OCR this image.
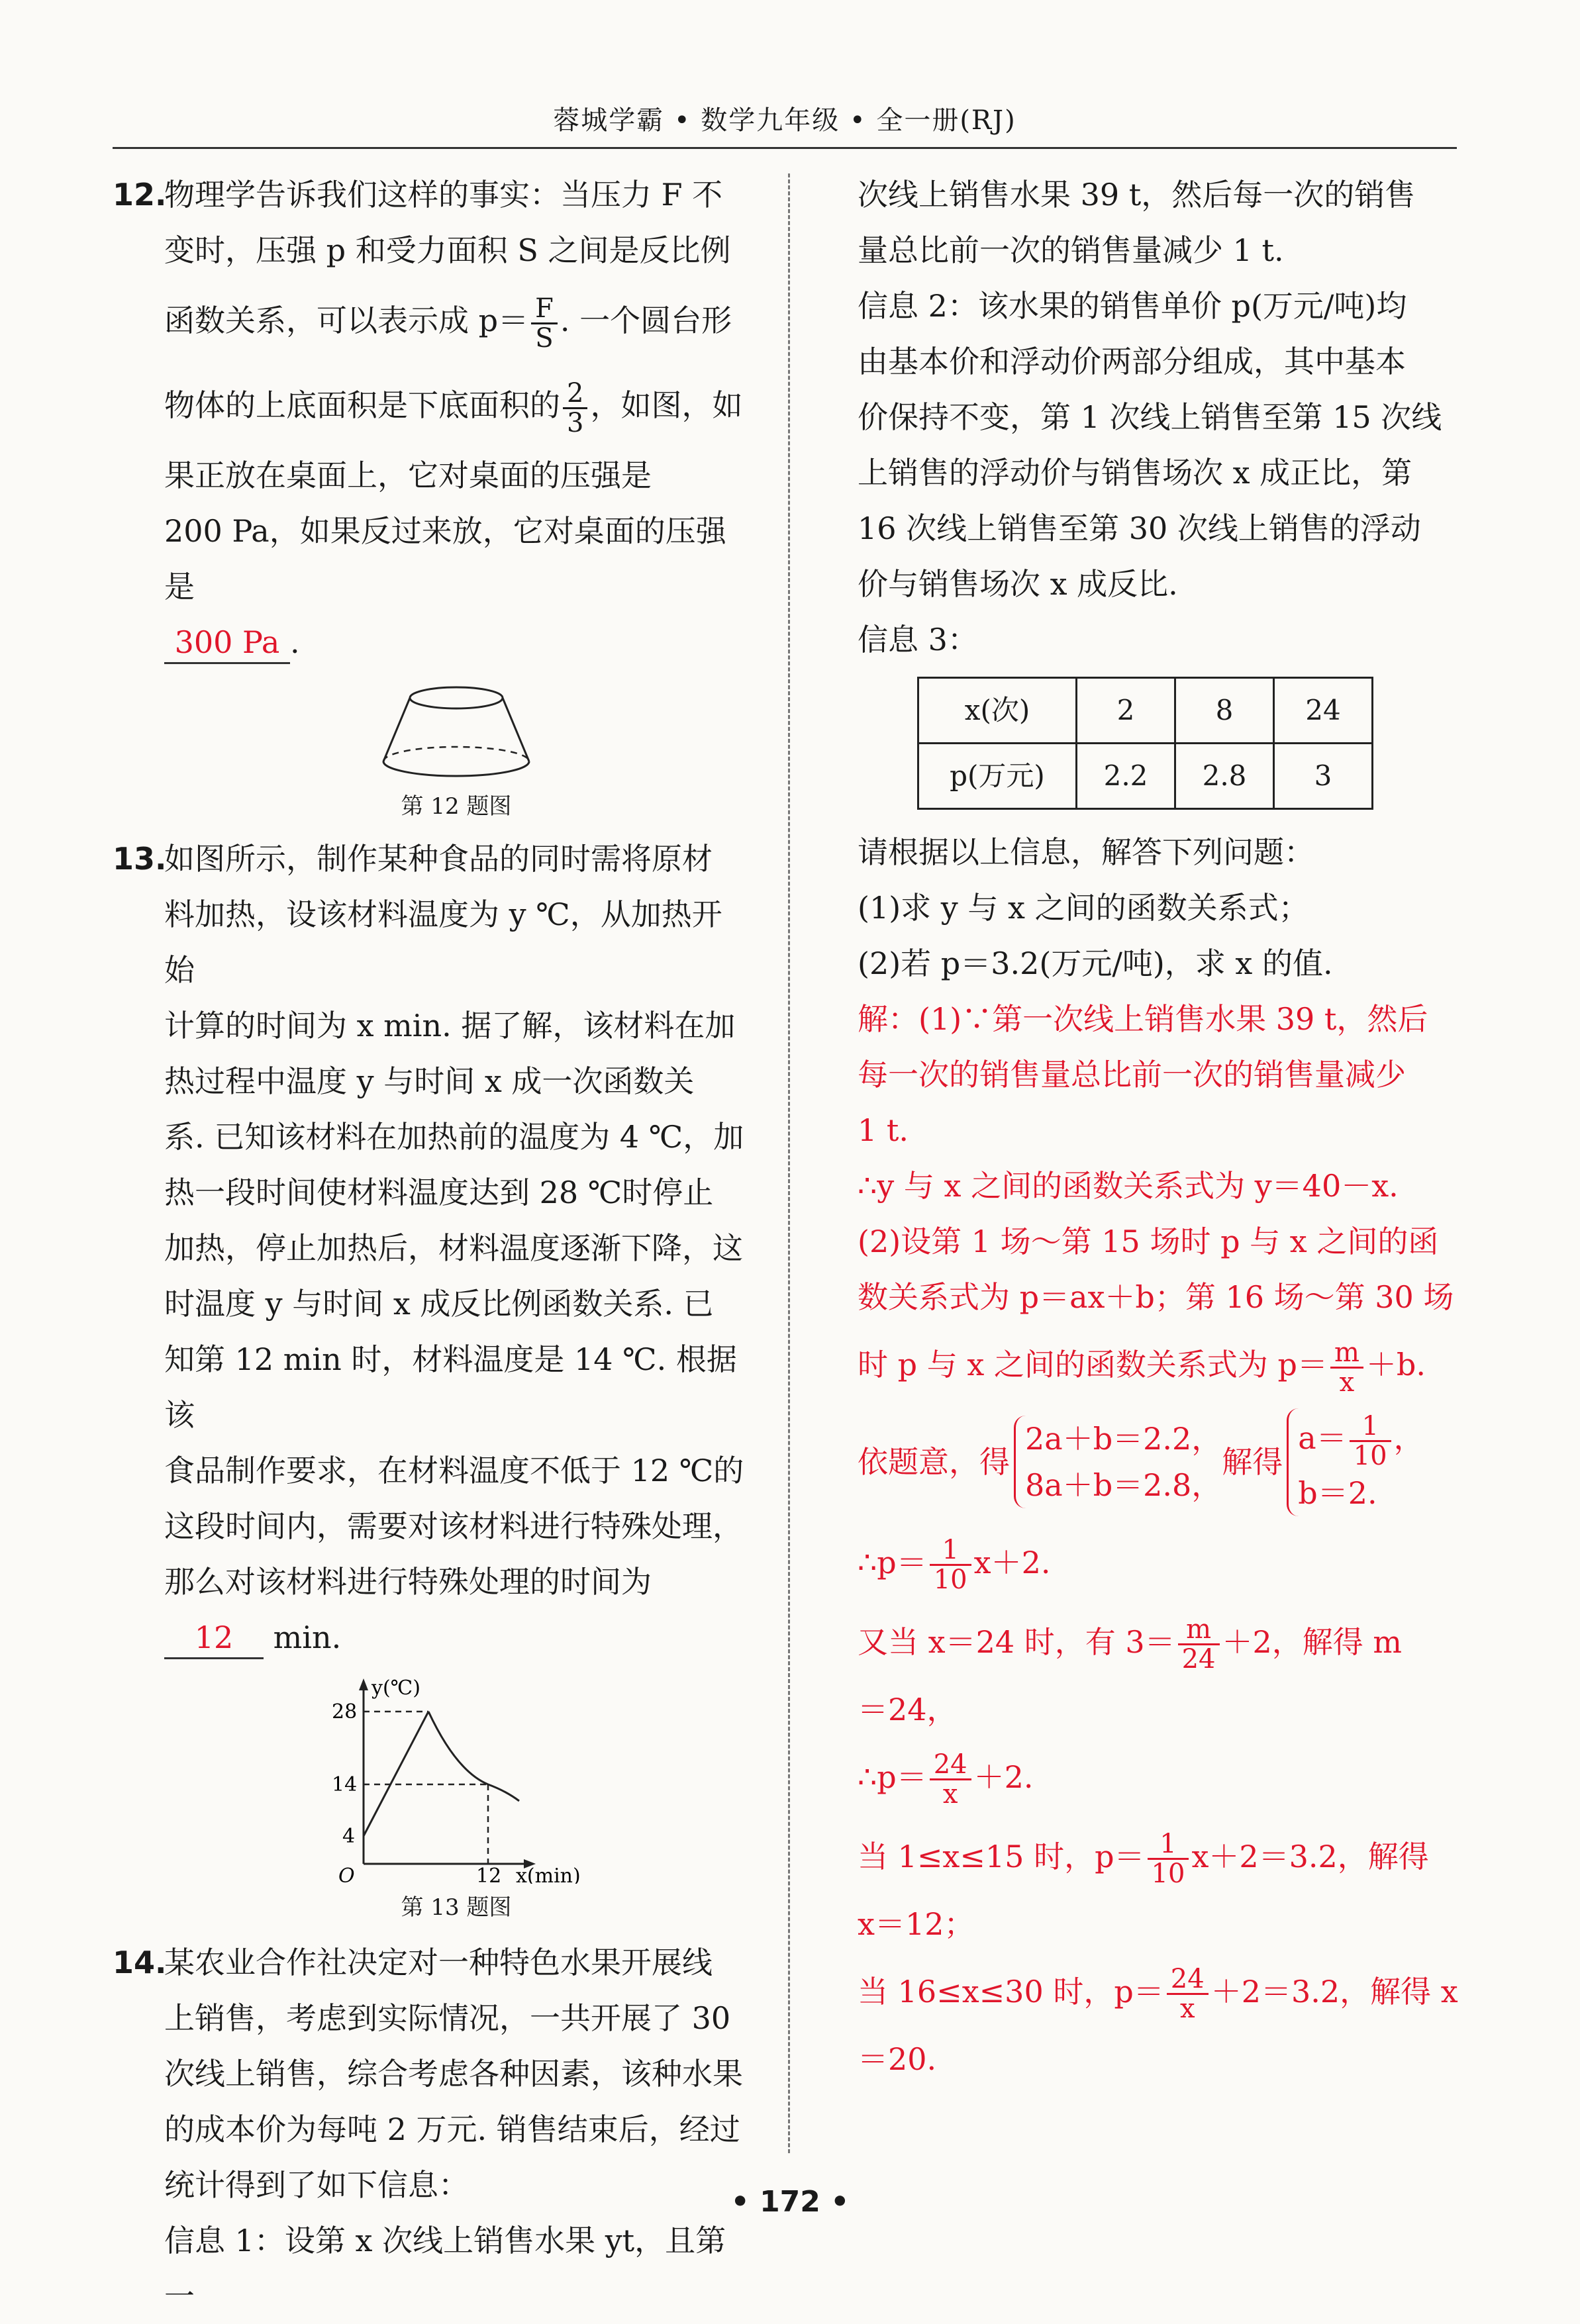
蓉城学霸 • 数学九年级 • 全一册(RJ)

12.物理学告诉我们这样的事实：当压力 F 不

变时，压强 p 和受力面积 S 之间是反比例

函数关系，可以表示成 $p= \frac{F}{S}$ . 一个圆台形

物体的上底面积是下底面积的 $\frac{2}{3}$ ，如图，如

果正放在桌面上，它对桌面的压强是

200 Pa，如果反过来放，它对桌面的压强是

300 Pa .

第 12 题图

13.如图所示，制作某种食品的同时需将原材

料加热，设该材料温度为 y ℃，从加热开始

计算的时间为 x min. 据了解，该材料在加

热过程中温度 y 与时间 x 成一次函数关

系. 已知该材料在加热前的温度为 4 ℃，加

热一段时间使材料温度达到 28 ℃时停止

加热，停止加热后，材料温度逐渐下降，这

时温度 y 与时间 x 成反比例函数关系. 已

知第 12 min 时，材料温度是 14 ℃. 根据该

食品制作要求，在材料温度不低于 12 ℃的

这段时间内，需要对该材料进行特殊处理，

那么对该材料进行特殊处理的时间为

12 min.

y(℃)
x(min)
O
28
14
4
12
第 13 题图

14.某农业合作社决定对一种特色水果开展线

上销售，考虑到实际情况，一共开展了 30

次线上销售，综合考虑各种因素，该种水果

的成本价为每吨 2 万元. 销售结束后，经过

统计得到了如下信息：

信息 1：设第 x 次线上销售水果 yt，且第一

次线上销售水果 39 t，然后每一次的销售

量总比前一次的销售量减少 1 t.

信息 2：该水果的销售单价 p(万元/吨)均

由基本价和浮动价两部分组成，其中基本

价保持不变，第 1 次线上销售至第 15 次线

上销售的浮动价与销售场次 x 成正比，第

16 次线上销售至第 30 次线上销售的浮动

价与销售场次 x 成反比.

信息 3：

x(次)	2	8	24
p(万元)	2.2	2.8	3

请根据以上信息，解答下列问题：

(1)求 y 与 x 之间的函数关系式；

(2)若 p＝3.2(万元/吨)，求 x 的值.

解：(1)∵第一次线上销售水果 39 t，然后

每一次的销售量总比前一次的销售量减少

1 t.

∴y 与 x 之间的函数关系式为 y＝40－x.

(2)设第 1 场～第 15 场时 p 与 x 之间的函

数关系式为 p＝ax＋b；第 16 场～第 30 场

时 p 与 x 之间的函数关系式为 $p= \frac{m}{x} +b$.

依题意，得
2a＋b＝2.2，
8a＋b＝2.8，
解得
$a= \frac{1}{10}$ ，
b＝2.

∴p＝ $\frac{1}{10} x+2$.

又当 x＝24 时，有 $3= \frac{m}{24} +2$，解得 m

＝24，

∴p＝ $\frac{24}{x} +2$.

当 1≤x≤15 时，$p= \frac{1}{10} x+2=3.2$，解得

x＝12；

当 16≤x≤30 时，$p= \frac{24}{x} +2=3.2$，解得 x

＝20.

• 172 •
